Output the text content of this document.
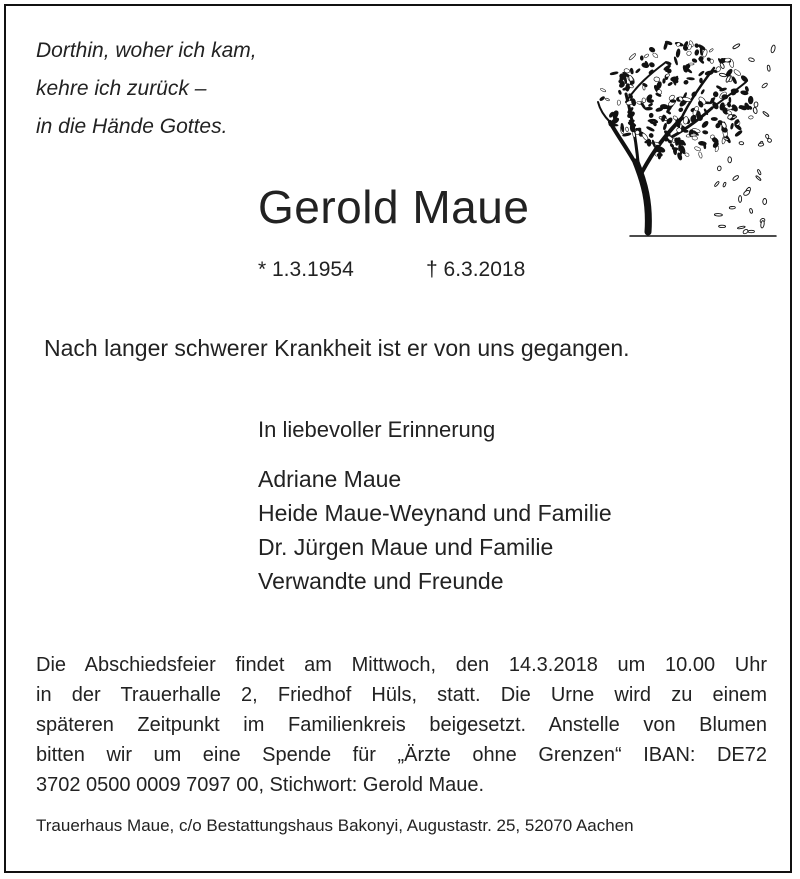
Dorthin, woher ich kam,
kehre ich zurück –
in die Hände Gottes.
Gerold Maue
* 1.3.1954	† 6.3.2018
Nach langer schwerer Krankheit ist er von uns gegangen.
In liebevoller Erinnerung
Adriane Maue
Heide Maue-Weynand und Familie
Dr. Jürgen Maue und Familie
Verwandte und Freunde
Die Abschiedsfeier findet am Mittwoch, den 14.3.2018 um 10.00 Uhr
in der Trauerhalle 2, Friedhof Hüls, statt. Die Urne wird zu einem
späteren Zeitpunkt im Familienkreis beigesetzt. Anstelle von Blumen
bitten wir um eine Spende für „Ärzte ohne Grenzen“ IBAN: DE72
3702 0500 0009 7097 00, Stichwort: Gerold Maue.
Trauerhaus Maue, c/o Bestattungshaus Bakonyi, Augustastr. 25, 52070 Aachen
